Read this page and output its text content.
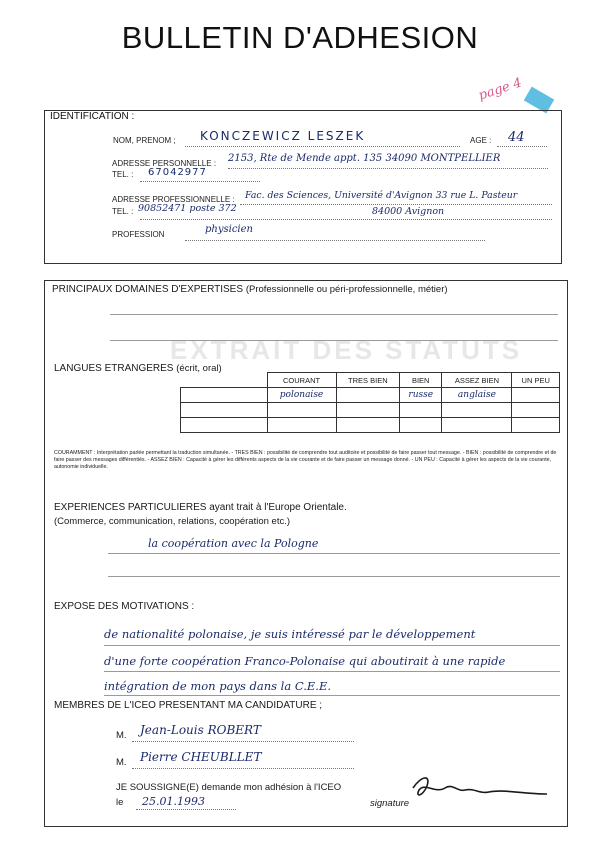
BULLETIN D'ADHESION
page 4
IDENTIFICATION :
NOM, PRENOM ; KONCZEWICZ LESZEK	AGE : 44
ADRESSE PERSONNELLE : 2153, Rte de Mende appt. 135 34090 MONTPELLIER
TEL. : 67042977
ADRESSE PROFESSIONNELLE : Fac. des Sciences, Université d'Avignon 33 rue L. Pasteur
TEL. : 90852471 poste 372	84000 Avignon
PROFESSION	physicien
EXTRAIT DES STATUTS
PRINCIPAUX DOMAINES D'EXPERTISES (Professionnelle ou péri-professionnelle, métier)
LANGUES ETRANGERES (écrit, oral)
	COURANT	TRES BIEN	BIEN	ASSEZ BIEN	UN PEU
	polonaise		russe	anglaise	

COURAMMENT : Interprétation parlée permettant la traduction simultanée. - TRES BIEN : possibilité de comprendre tout auditoire et possibilité de faire passer tout message. - BIEN : possibilité de comprendre et de faire passer des messages différentiés. - ASSEZ BIEN : Capacité à gérer les différents aspects de la vie courante et de faire passer un message donné. - UN PEU : Capacité à gérer les aspects de la vie courante, autonomie individuelle.
EXPERIENCES PARTICULIERES ayant trait à l'Europe Orientale.
(Commerce, communication, relations, coopération etc.)
la coopération avec la Pologne
EXPOSE DES MOTIVATIONS :
de nationalité polonaise, je suis intéressé par le développement
d'une forte coopération Franco-Polonaise qui aboutirait à une rapide
intégration de mon pays dans la C.E.E.
MEMBRES DE L'ICEO PRESENTANT MA CANDIDATURE ;
M. Jean-Louis ROBERT
M. Pierre CHEUBLLET
JE SOUSSIGNE(E) demande mon adhésion à l'ICEO
le 25.01.1993	signature
